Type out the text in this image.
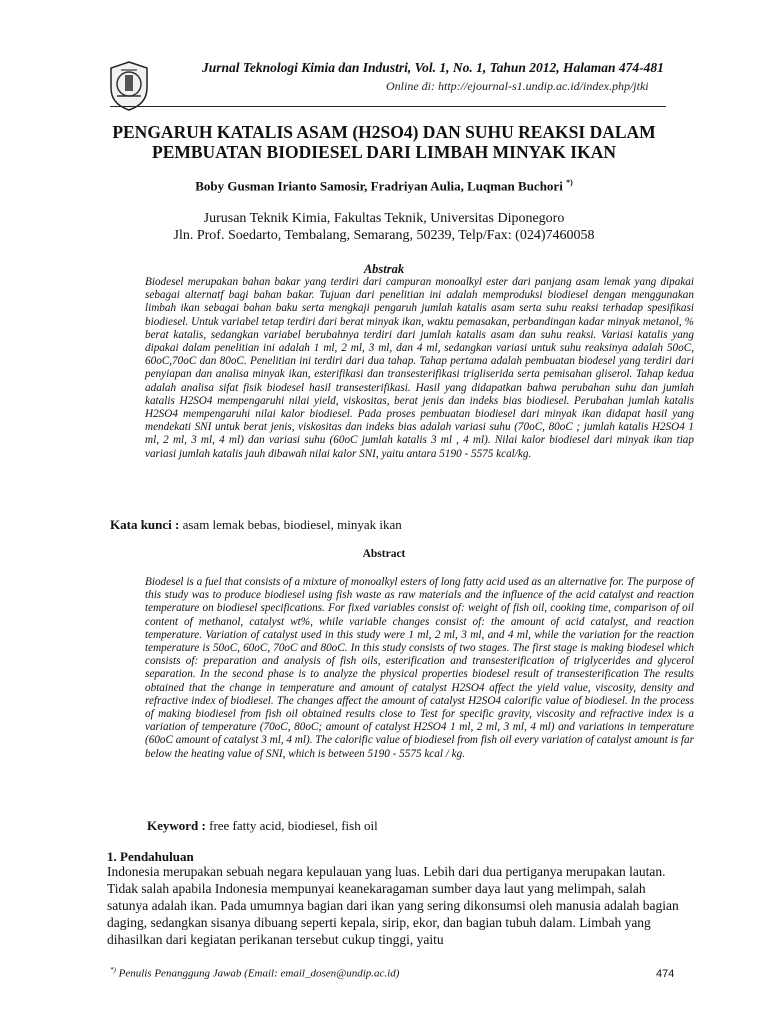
Jurnal Teknologi Kimia dan Industri, Vol. 1, No. 1, Tahun 2012, Halaman 474-481
Online di: http://ejournal-s1.undip.ac.id/index.php/jtki
PENGARUH KATALIS ASAM (H2SO4) DAN SUHU REAKSI DALAM
PEMBUATAN BIODIESEL DARI LIMBAH MINYAK IKAN
Boby Gusman Irianto Samosir, Fradriyan Aulia, Luqman Buchori *)
Jurusan Teknik Kimia, Fakultas Teknik, Universitas Diponegoro
Jln. Prof. Soedarto, Tembalang, Semarang, 50239, Telp/Fax: (024)7460058
Abstrak

Biodesel merupakan bahan bakar yang terdiri dari campuran monoalkyl ester dari panjang asam lemak yang dipakai sebagai alternatf bagi bahan bakar. Tujuan dari penelitian ini adalah memproduksi biodiesel dengan menggunakan limbah ikan sebagai bahan baku serta mengkaji pengaruh jumlah katalis asam serta suhu reaksi terhadap spesifikasi biodiesel. Untuk variabel tetap terdiri dari berat minyak ikan, waktu pemasakan, perbandingan kadar minyak metanol, % berat katalis, sedangkan variabel berubahnya terdiri dari jumlah katalis asam dan suhu reaksi. Variasi katalis yang dipakai dalam penelitian ini adalah 1 ml, 2 ml, 3 ml, dan 4 ml, sedangkan variasi untuk suhu reaksinya adalah 50oC, 60oC,70oC dan 80oC. Penelitian ini terdiri dari dua tahap. Tahap pertama adalah pembuatan biodesel yang terdiri dari penyiapan dan analisa minyak ikan, esterifikasi dan transesterifikasi trigliserida serta pemisahan gliserol. Tahap kedua adalah analisa sifat fisik biodesel hasil transesterifikasi. Hasil yang didapatkan bahwa perubahan suhu dan jumlah katalis H2SO4 mempengaruhi nilai yield, viskositas, berat jenis dan indeks bias biodiesel. Perubahan jumlah katalis H2SO4 mempengaruhi nilai kalor biodiesel. Pada proses pembuatan biodiesel dari minyak ikan didapat hasil yang mendekati SNI untuk berat jenis, viskositas dan indeks bias adalah variasi suhu (70oC, 80oC ; jumlah katalis H2SO4 1 ml, 2 ml, 3 ml, 4 ml) dan variasi suhu (60oC jumlah katalis 3 ml , 4 ml). Nilai kalor biodiesel dari minyak ikan tiap variasi jumlah katalis jauh dibawah nilai kalor SNI, yaitu antara 5190 - 5575 kcal/kg.

Kata kunci : asam lemak bebas, biodiesel, minyak ikan
Abstract

Biodesel is a fuel that consists of a mixture of monoalkyl esters of long fatty acid used as an alternative for. The purpose of this study was to produce biodiesel using fish waste as raw materials and the influence of the acid catalyst and reaction temperature on biodiesel specifications. For fixed variables consist of: weight of fish oil, cooking time, comparison of oil content of methanol, catalyst wt%, while variable changes consist of: the amount of acid catalyst, and reaction temperature. Variation of catalyst used in this study were 1 ml, 2 ml, 3 ml, and 4 ml, while the variation for the reaction temperature is 50oC, 60oC, 70oC and 80oC. In this study consists of two stages. The first stage is making biodesel which consists of: preparation and analysis of fish oils, esterification and transesterification of triglycerides and glycerol separation. In the second phase is to analyze the physical properties biodesel result of transesterification The results obtained that the change in temperature and amount of catalyst H2SO4 affect the yield value, viscosity, density and refractive index of biodiesel. The changes affect the amount of catalyst H2SO4 calorific value of biodiesel. In the process of making biodiesel from fish oil obtained results close to Test for specific gravity, viscosity and refractive index is a variation of temperature (70oC, 80oC; amount of catalyst H2SO4 1 ml, 2 ml, 3 ml, 4 ml) and variations in temperature (60oC amount of catalyst 3 ml, 4 ml). The calorific value of biodiesel from fish oil every variation of catalyst amount is far below the heating value of SNI, which is between 5190 - 5575 kcal / kg.

Keyword : free fatty acid, biodiesel, fish oil
1. Pendahuluan

Indonesia merupakan sebuah negara kepulauan yang luas. Lebih dari dua pertiganya merupakan lautan. Tidak salah apabila Indonesia mempunyai keanekaragaman sumber daya laut yang melimpah, salah satunya adalah ikan. Pada umumnya bagian dari ikan yang sering dikonsumsi oleh manusia adalah bagian daging, sedangkan sisanya dibuang seperti kepala, sirip, ekor, dan bagian tubuh dalam. Limbah yang dihasilkan dari kegiatan perikanan tersebut cukup tinggi, yaitu

*) Penulis Penanggung Jawab (Email: email_dosen@undip.ac.id)	474
